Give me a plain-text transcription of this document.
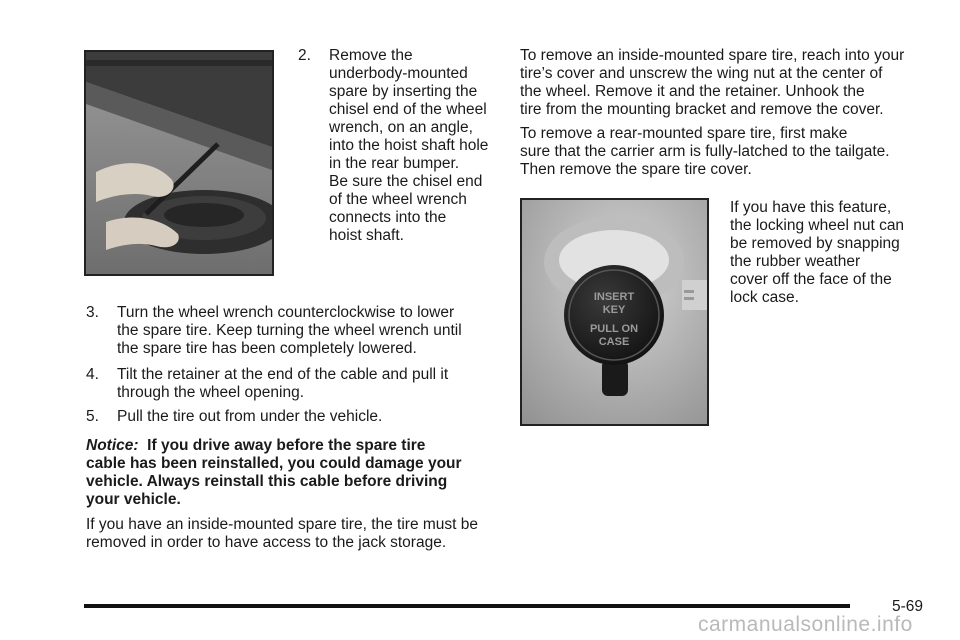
2. Remove the
underbody-mounted
spare by inserting the
chisel end of the wheel
wrench, on an angle,
into the hoist shaft hole
in the rear bumper.
Be sure the chisel end
of the wheel wrench
connects into the
hoist shaft.
3. Turn the wheel wrench counterclockwise to lower
the spare tire. Keep turning the wheel wrench until
the spare tire has been completely lowered.
4. Tilt the retainer at the end of the cable and pull it
through the wheel opening.
5. Pull the tire out from under the vehicle.
Notice: If you drive away before the spare tire
cable has been reinstalled, you could damage your
vehicle. Always reinstall this cable before driving
your vehicle.
If you have an inside-mounted spare tire, the tire must be
removed in order to have access to the jack storage.
To remove an inside-mounted spare tire, reach into your
tire’s cover and unscrew the wing nut at the center of
the wheel. Remove it and the retainer. Unhook the
tire from the mounting bracket and remove the cover.
To remove a rear-mounted spare tire, first make
sure that the carrier arm is fully-latched to the tailgate.
Then remove the spare tire cover.
INSERT
KEY
PULL ON
CASE
If you have this feature,
the locking wheel nut can
be removed by snapping
the rubber weather
cover off the face of the
lock case.
5-69
carmanualsonline.info
